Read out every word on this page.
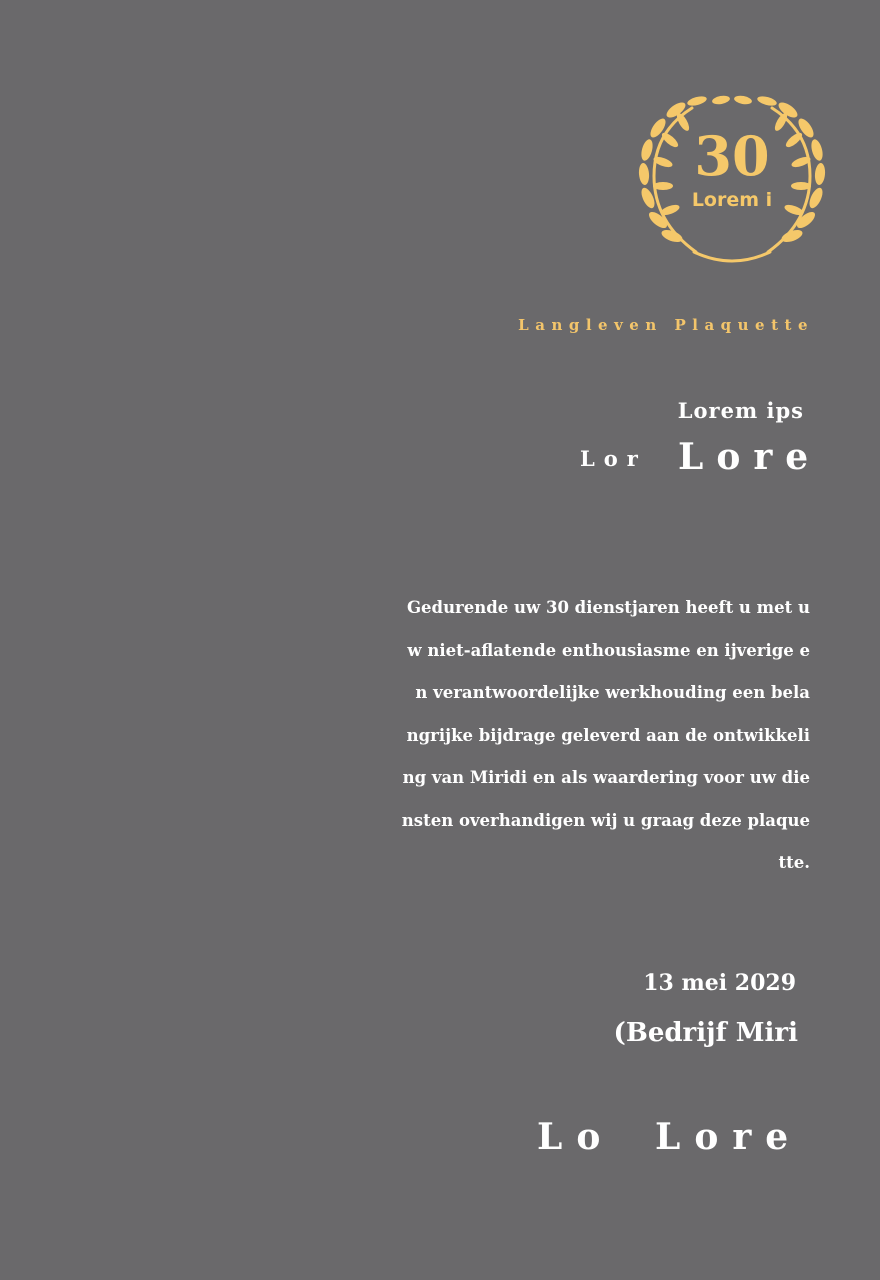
30
Lorem i
Langleven Plaquette
Lorem ips
Lor Lore
Gedurende uw 30 dienstjaren heeft u met u
w niet-aflatende enthousiasme en ijverige e
n verantwoordelijke werkhouding een bela
ngrijke bijdrage geleverd aan de ontwikkeli
ng van Miridi en als waardering voor uw die
nsten overhandigen wij u graag deze plaque
tte.
13 mei 2029
(Bedrijf Miri
Lo Lore
